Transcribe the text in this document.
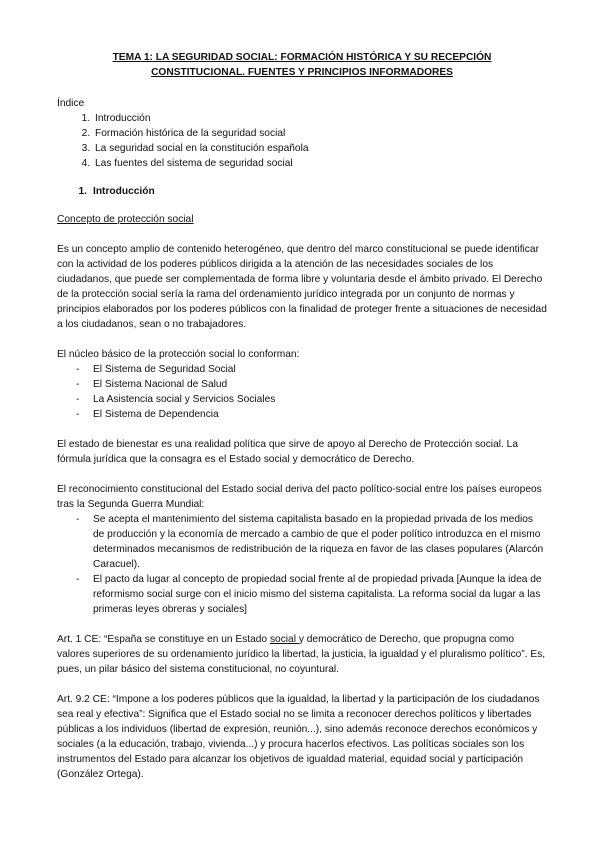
TEMA 1: LA SEGURIDAD SOCIAL: FORMACIÓN HISTÓRICA Y SU RECEPCIÓN
CONSTITUCIONAL. FUENTES Y PRINCIPIOS INFORMADORES
Índice
1. Introducción
2. Formación histórica de la seguridad social
3. La seguridad social en la constitución española
4. Las fuentes del sistema de seguridad social
1. Introducción
Concepto de protección social

Es un concepto amplio de contenido heterogéneo, que dentro del marco constitucional se puede identificar con la actividad de los poderes públicos dirigida a la atención de las necesidades sociales de los ciudadanos, que puede ser complementada de forma libre y voluntaria desde el ámbito privado. El Derecho de la protección social sería la rama del ordenamiento jurídico integrada por un conjunto de normas y principios elaborados por los poderes públicos con la finalidad de proteger frente a situaciones de necesidad a los ciudadanos, sean o no trabajadores.

El núcleo básico de la protección social lo conforman:

- El Sistema de Seguridad Social
- El Sistema Nacional de Salud
- La Asistencia social y Servicios Sociales
- El Sistema de Dependencia

El estado de bienestar es una realidad política que sirve de apoyo al Derecho de Protección social. La fórmula jurídica que la consagra es el Estado social y democrático de Derecho.

El reconocimiento constitucional del Estado social deriva del pacto político-social entre los países europeos tras la Segunda Guerra Mundial:

- Se acepta el mantenimiento del sistema capitalista basado en la propiedad privada de los medios de producción y la economía de mercado a cambio de que el poder político introduzca en el mismo determinados mecanismos de redistribución de la riqueza en favor de las clases populares (Alarcón Caracuel).
- El pacto da lugar al concepto de propiedad social frente al de propiedad privada [Aunque la idea de reformismo social surge con el inicio mismo del sistema capitalista. La reforma social da lugar a las primeras leyes obreras y sociales]

Art. 1 CE: “España se constituye en un Estado social y democrático de Derecho, que propugna como valores superiores de su ordenamiento jurídico la libertad, la justicia, la igualdad y el pluralismo político”. Es, pues, un pilar básico del sistema constitucional, no coyuntural.

Art. 9.2 CE: “Impone a los poderes públicos que la igualdad, la libertad y la participación de los ciudadanos sea real y efectiva”: Significa que el Estado social no se limita a reconocer derechos políticos y libertades públicas a los individuos (libertad de expresión, reunión...), sino además reconoce derechos económicos y sociales (a la educación, trabajo, vivienda...) y procura hacerlos efectivos. Las políticas sociales son los instrumentos del Estado para alcanzar los objetivos de igualdad material, equidad social y participación (González Ortega).
